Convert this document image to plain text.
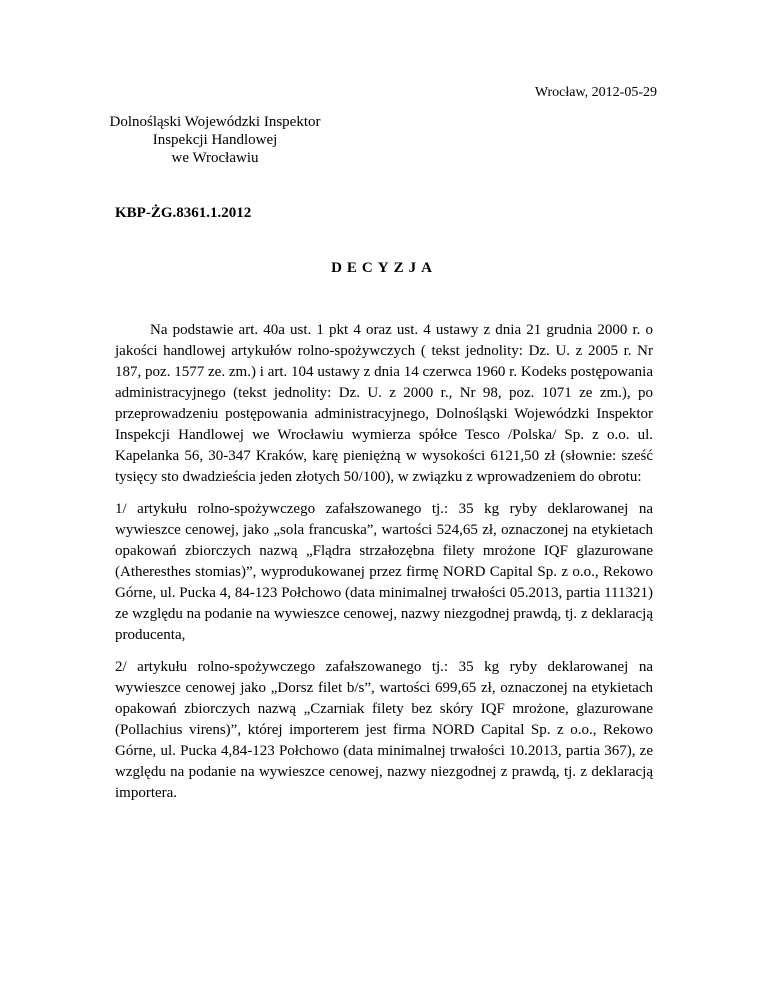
Wrocław, 2012-05-29
Dolnośląski Wojewódzki Inspektor
Inspekcji Handlowej
we Wrocławiu
KBP-ŻG.8361.1.2012
DECYZJA

Na podstawie art. 40a ust. 1 pkt 4 oraz ust. 4 ustawy z dnia 21 grudnia 2000 r. o jakości handlowej artykułów rolno-spożywczych ( tekst jednolity: Dz. U. z 2005 r. Nr 187, poz. 1577 ze. zm.) i art. 104 ustawy z dnia 14 czerwca 1960 r. Kodeks postępowania administracyjnego (tekst jednolity: Dz. U. z 2000 r., Nr 98, poz. 1071 ze zm.), po przeprowadzeniu postępowania administracyjnego, Dolnośląski Wojewódzki Inspektor Inspekcji Handlowej we Wrocławiu wymierza spółce Tesco /Polska/ Sp. z o.o. ul. Kapelanka 56, 30-347 Kraków, karę pieniężną w wysokości 6121,50 zł (słownie: sześć tysięcy sto dwadzieścia jeden złotych 50/100), w związku z wprowadzeniem do obrotu:

1/ artykułu rolno-spożywczego zafałszowanego tj.: 35 kg ryby deklarowanej na wywieszce cenowej, jako „sola francuska”, wartości 524,65 zł, oznaczonej na etykietach opakowań zbiorczych nazwą „Flądra strzałozębna filety mrożone IQF glazurowane (Atheresthes stomias)”, wyprodukowanej przez firmę NORD Capital Sp. z o.o., Rekowo Górne, ul. Pucka 4, 84-123 Połchowo (data minimalnej trwałości 05.2013, partia 111321) ze względu na podanie na wywieszce cenowej, nazwy niezgodnej prawdą, tj. z deklaracją producenta,

2/ artykułu rolno-spożywczego zafałszowanego tj.: 35 kg ryby deklarowanej na wywieszce cenowej jako „Dorsz filet b/s”, wartości 699,65 zł, oznaczonej na etykietach opakowań zbiorczych nazwą „Czarniak filety bez skóry IQF mrożone, glazurowane (Pollachius virens)”, której importerem jest firma NORD Capital Sp. z o.o., Rekowo Górne, ul. Pucka 4,84-123 Połchowo (data minimalnej trwałości 10.2013, partia 367), ze względu na podanie na wywieszce cenowej, nazwy niezgodnej z prawdą, tj. z deklaracją importera.
